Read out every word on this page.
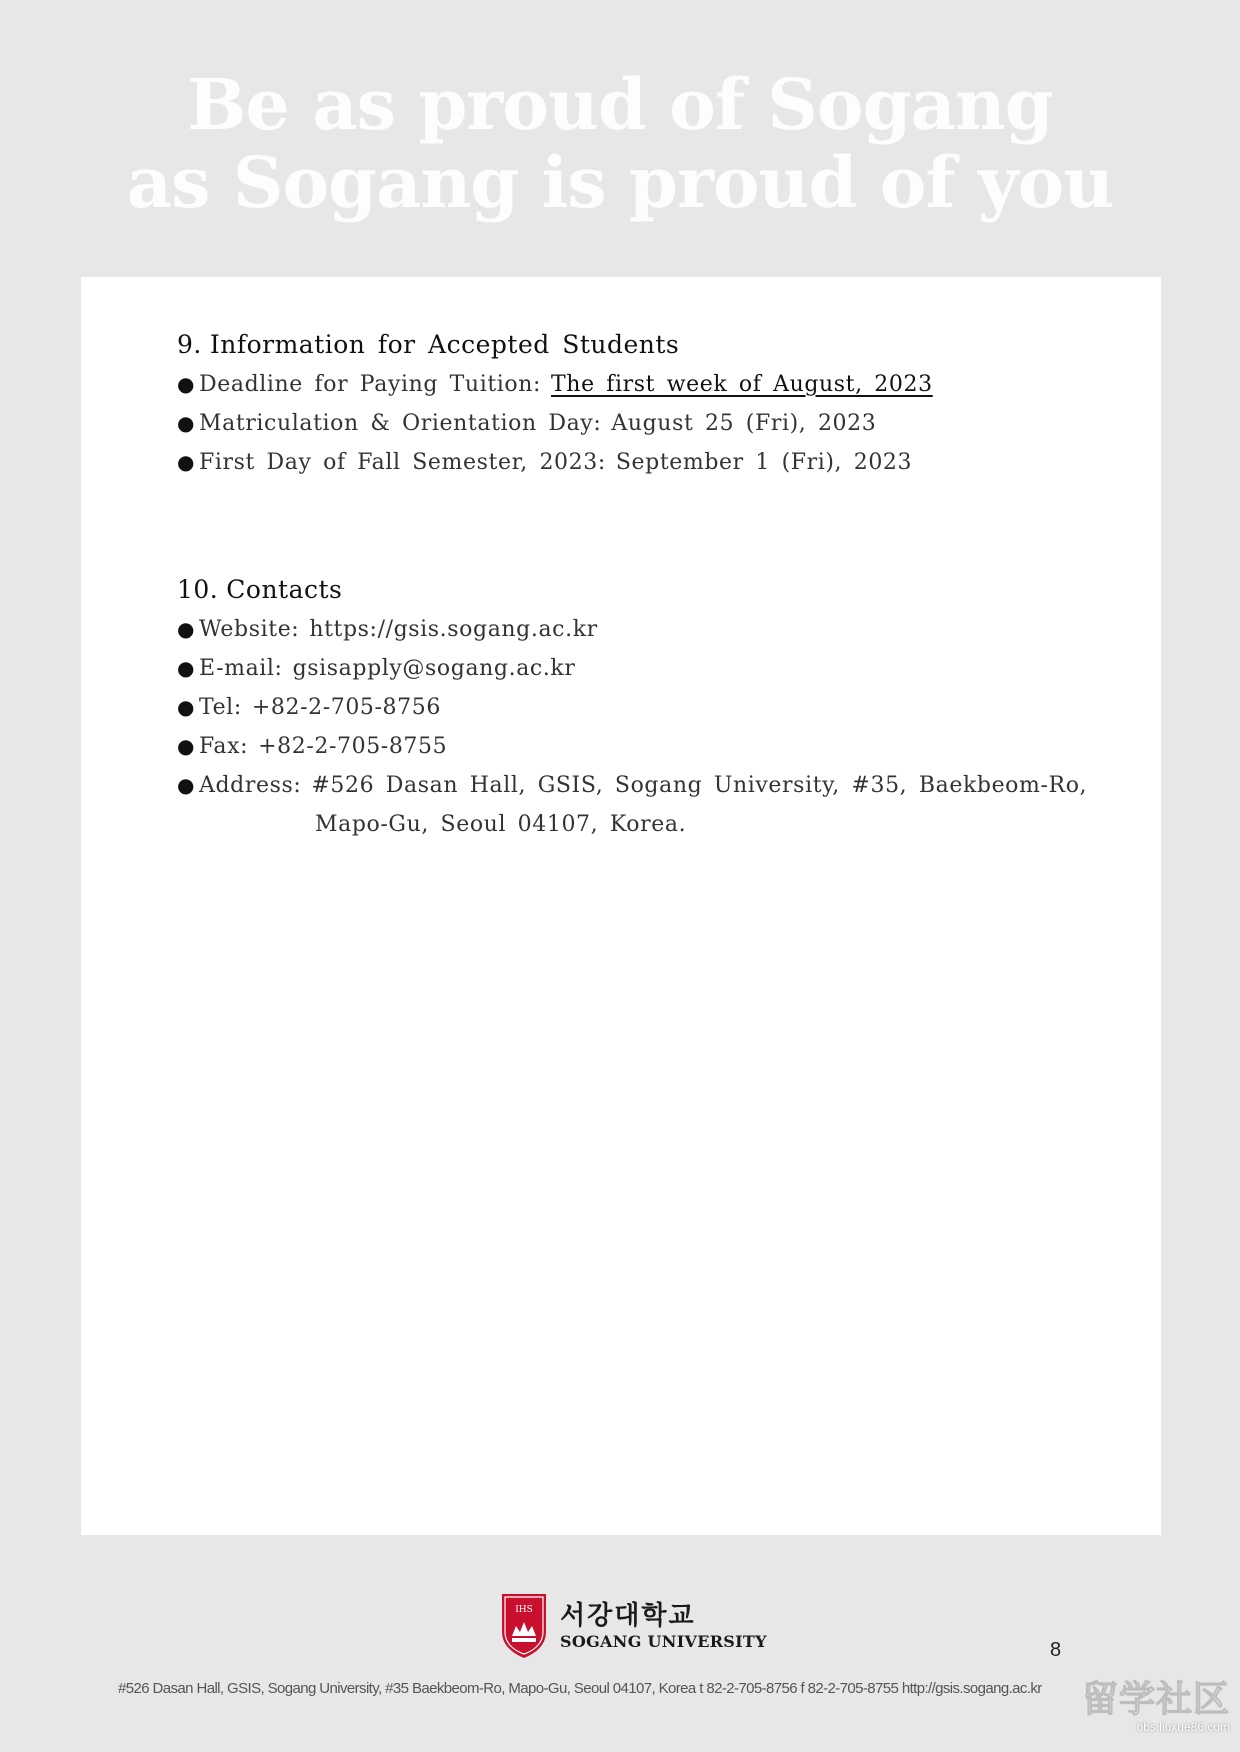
Be as proud of Sogang
as Sogang is proud of you
9. Information for Accepted Students
● Deadline for Paying Tuition: The first week of August, 2023
● Matriculation & Orientation Day: August 25 (Fri), 2023
● First Day of Fall Semester, 2023: September 1 (Fri), 2023
10. Contacts
● Website: https://gsis.sogang.ac.kr
● E-mail: gsisapply@sogang.ac.kr
● Tel: +82-2-705-8756
● Fax: +82-2-705-8755
● Address: #526 Dasan Hall, GSIS, Sogang University, #35, Baekbeom-Ro,
Mapo-Gu, Seoul 04107, Korea.
IHS 서강대학교
SOGANG UNIVERSITY	8
#526 Dasan Hall, GSIS, Sogang University, #35 Baekbeom-Ro, Mapo-Gu, Seoul 04107, Korea t 82-2-705-8756 f 82-2-705-8755 http://gsis.sogang.ac.kr	留学社区
bbs.liuxue86.com
